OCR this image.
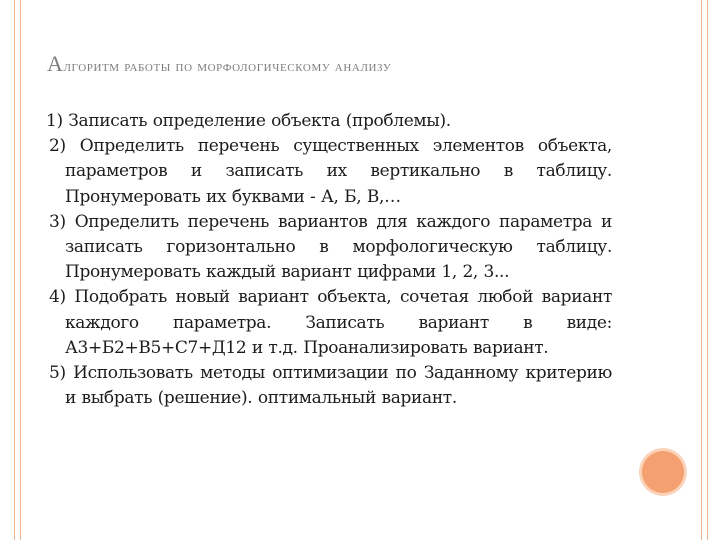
Алгоритм работы по морфологическому анализу

1) Записать определение объекта (проблемы).

2) Определить перечень существенных элементов объекта, параметров и записать их вертикально в таблицу. Пронумеровать их буквами - А, Б, В,…

3) Определить перечень вариантов для каждого параметра и записать горизонтально в морфологическую таблицу. Пронумеровать каждый вариант цифрами 1, 2, 3...

4) Подобрать новый вариант объекта, сочетая любой вариант каждого параметра. Записать вариант в виде: А3+Б2+В5+С7+Д12 и т.д. Проанализировать вариант.

5) Использовать методы оптимизации по Заданному критерию и выбрать (решение). оптимальный вариант.
